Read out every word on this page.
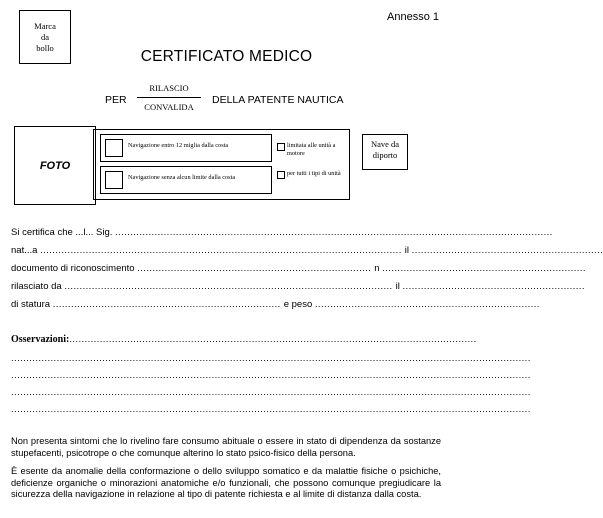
Marca
da
bollo
Annesso 1
CERTIFICATO MEDICO
PER
RILASCIO
CONVALIDA
DELLA PATENTE NAUTICA
FOTO
Navigazione entro 12 miglia dalla costa
Navigazione senza alcun limite dalla costa
limitata alle unità a motore
per tutti i tipi di unità
Nave da diporto
Si certifica che ...l... Sig. ................................................................................................................................................
nat...a ....................................................................................................................... il ...............................................................
documento di riconoscimento ............................................................................. n ...................................................................
rilasciato da ............................................................................................................ il ............................................................
di statura ........................................................................... e peso ..........................................................................
Osservazioni:......................................................................................................................................
...........................................................................................................................................................................
...........................................................................................................................................................................
...........................................................................................................................................................................
...........................................................................................................................................................................
Non presenta sintomi che lo rivelino fare consumo abituale o essere in stato di dipendenza da sostanze stupefacenti, psicotrope o che comunque alterino lo stato psico-fisico della persona.
È esente da anomalie della conformazione o dello sviluppo somatico e da malattie fisiche o psichiche, deficienze organiche o minorazioni anatomiche e/o funzionali, che possono comunque pregiudicare la sicurezza della navigazione in relazione al tipo di patente richiesta e al limite di distanza dalla costa.
